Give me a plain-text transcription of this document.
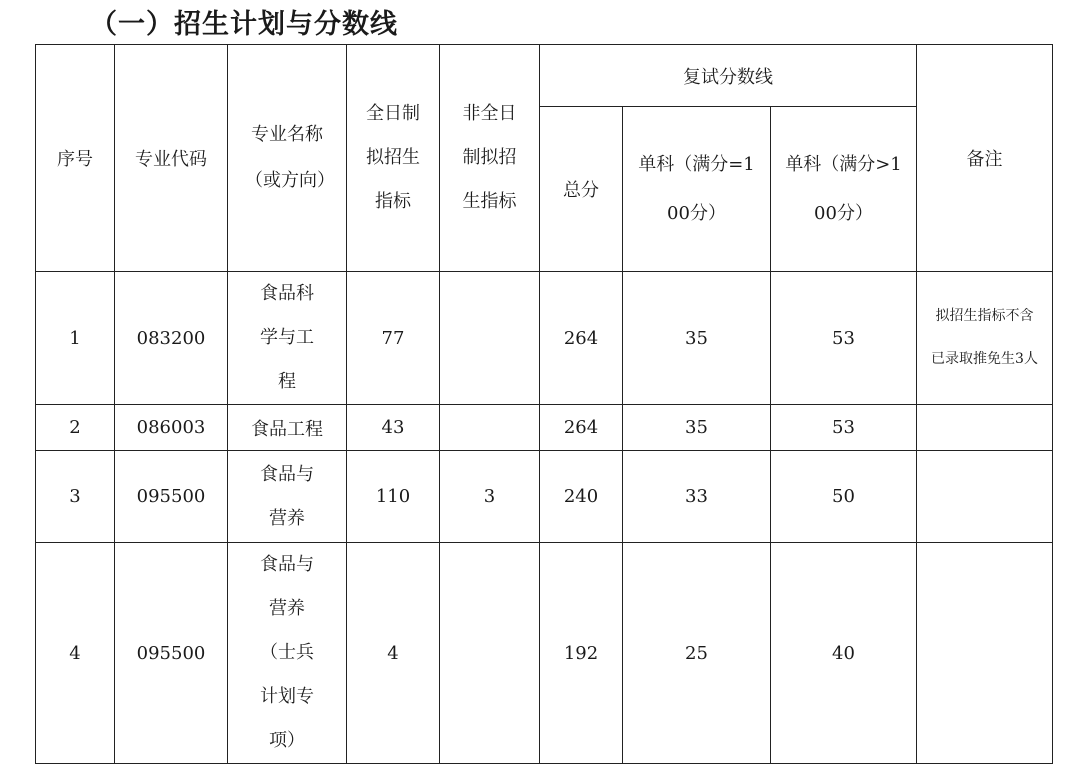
（一）招生计划与分数线
序号	专业代码	专业名称（或方向）	全日制拟招生指标	非全日制拟招生指标	复试分数线			备注
					总分	单科（满分=100分）	单科（满分>100分）	
1	083200	食品科学与工程	77		264	35	53	拟招生指标不含
已录取推免生3人

2	086003	食品工程	43		264	35	53	
3	095500	食品与营养	110	3	240	33	50	
4	095500	食品与营养（士兵计划专项）	4		192	25	40	
